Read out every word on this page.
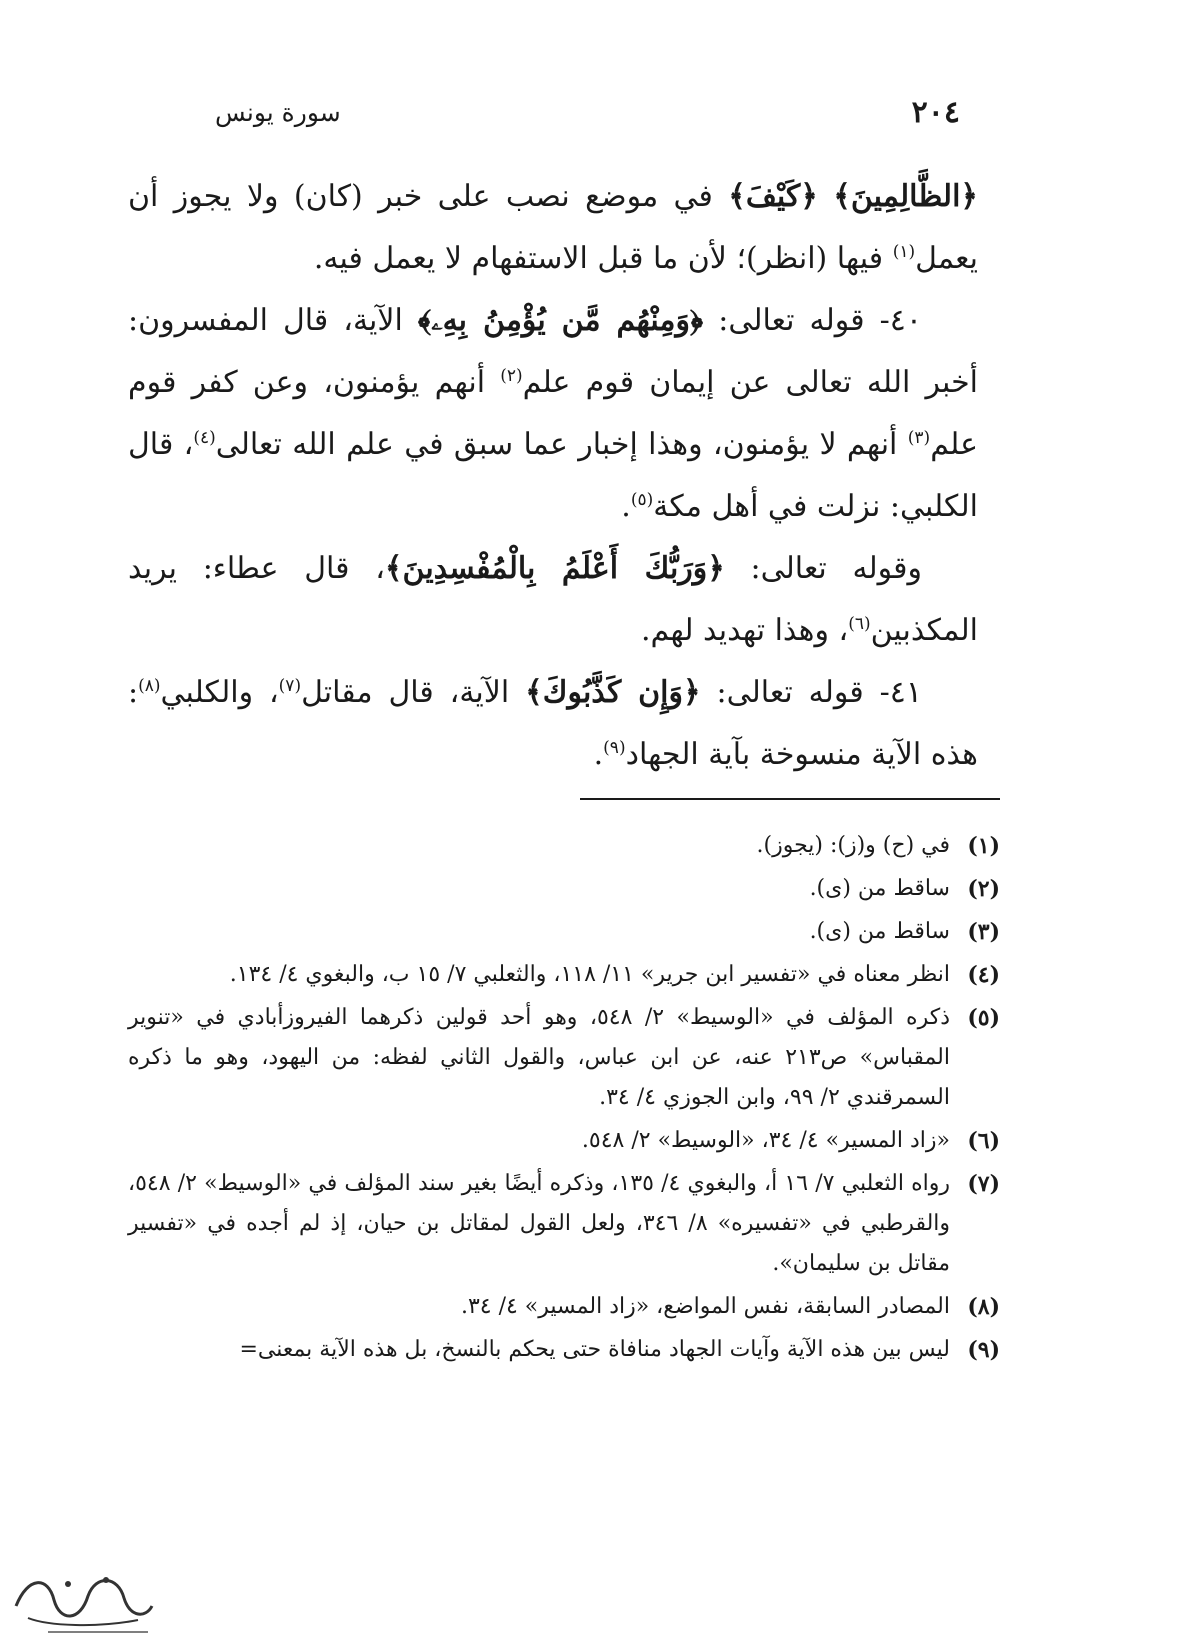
٢٠٤
سورة يونس

﴿الظَّالِمِينَ﴾ ﴿كَيْفَ﴾ في موضع نصب على خبر (كان) ولا يجوز أن يعمل$^{(١)}$ فيها (انظر)؛ لأن ما قبل الاستفهام لا يعمل فيه.

٤٠- قوله تعالى: ﴿وَمِنْهُم مَّن يُؤْمِنُ بِهِۦ﴾ الآية، قال المفسرون: أخبر الله تعالى عن إيمان قوم علم$^{(٢)}$ أنهم يؤمنون، وعن كفر قوم علم$^{(٣)}$ أنهم لا يؤمنون، وهذا إخبار عما سبق في علم الله تعالى$^{(٤)}$، قال الكلبي: نزلت في أهل مكة$^{(٥)}$.

وقوله تعالى: ﴿وَرَبُّكَ أَعْلَمُ بِالْمُفْسِدِينَ﴾، قال عطاء: يريد المكذبين$^{(٦)}$، وهذا تهديد لهم.

٤١- قوله تعالى: ﴿وَإِن كَذَّبُوكَ﴾ الآية، قال مقاتل$^{(٧)}$، والكلبي$^{(٨)}$: هذه الآية منسوخة بآية الجهاد$^{(٩)}$.

(١)
في (ح) و(ز): (يجوز).
(٢)
ساقط من (ى).
(٣)
ساقط من (ى).
(٤)
انظر معناه في «تفسير ابن جرير» ١١/ ١١٨، والثعلبي ٧/ ١٥ ب، والبغوي ٤/ ١٣٤.
(٥)
ذكره المؤلف في «الوسيط» ٢/ ٥٤٨، وهو أحد قولين ذكرهما الفيروزأبادي في «تنوير المقباس» ص٢١٣ عنه، عن ابن عباس، والقول الثاني لفظه: من اليهود، وهو ما ذكره السمرقندي ٢/ ٩٩، وابن الجوزي ٤/ ٣٤.
(٦)
«زاد المسير» ٤/ ٣٤، «الوسيط» ٢/ ٥٤٨.
(٧)
رواه الثعلبي ٧/ ١٦ أ، والبغوي ٤/ ١٣٥، وذكره أيضًا بغير سند المؤلف في «الوسيط» ٢/ ٥٤٨، والقرطبي في «تفسيره» ٨/ ٣٤٦، ولعل القول لمقاتل بن حيان، إذ لم أجده في «تفسير مقاتل بن سليمان».
(٨)
المصادر السابقة، نفس المواضع، «زاد المسير» ٤/ ٣٤.
(٩)
ليس بين هذه الآية وآيات الجهاد منافاة حتى يحكم بالنسخ، بل هذه الآية بمعنى=
